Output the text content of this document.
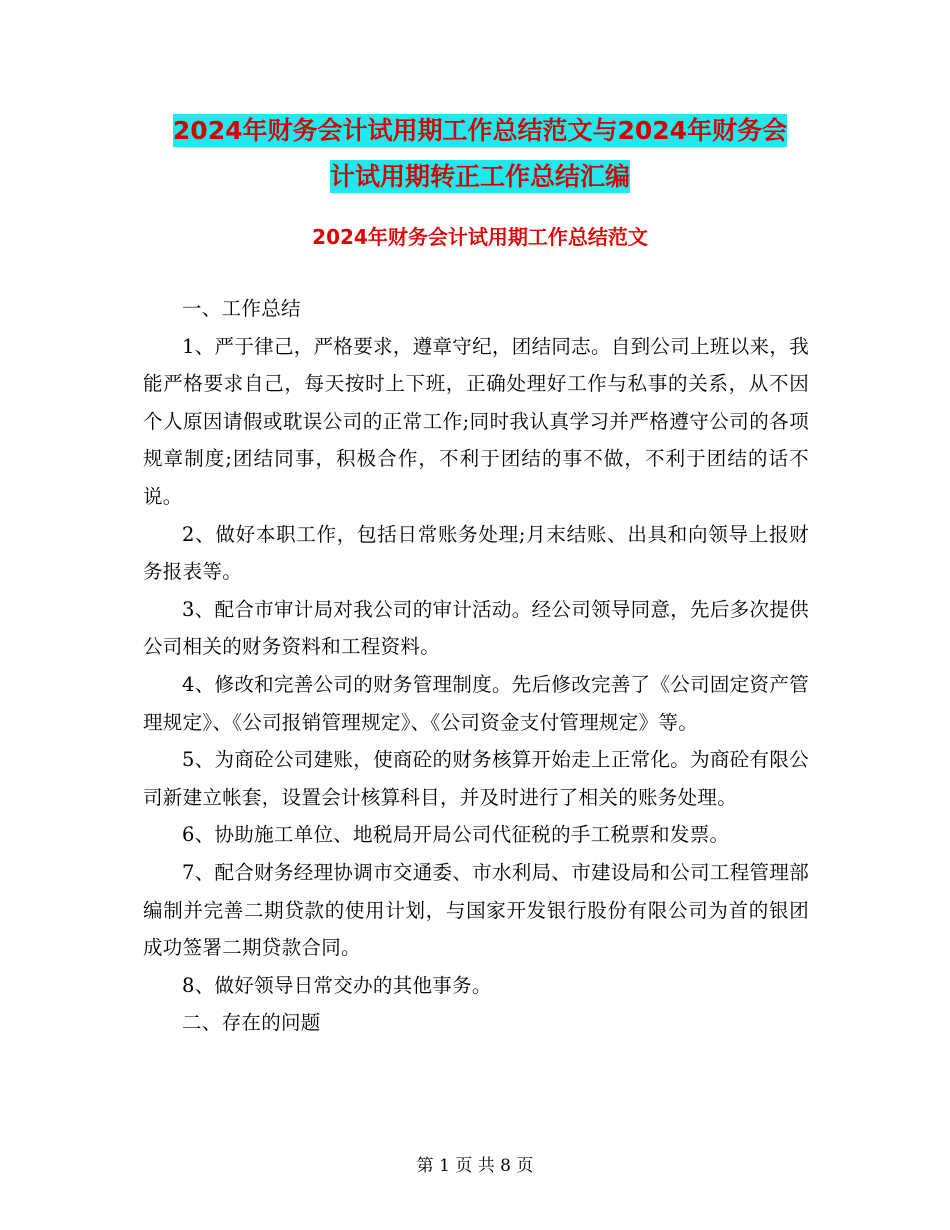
2024年财务会计试用期工作总结范文与2024年财务会
计试用期转正工作总结汇编
2024年财务会计试用期工作总结范文

一、工作总结

1、严于律己，严格要求，遵章守纪，团结同志。自到公司上班以来，我能严格要求自己，每天按时上下班，正确处理好工作与私事的关系，从不因个人原因请假或耽误公司的正常工作;同时我认真学习并严格遵守公司的各项规章制度;团结同事，积极合作，不利于团结的事不做，不利于团结的话不说。

2、做好本职工作，包括日常账务处理;月末结账、出具和向领导上报财务报表等。

3、配合市审计局对我公司的审计活动。经公司领导同意，先后多次提供公司相关的财务资料和工程资料。

4、修改和完善公司的财务管理制度。先后修改完善了《公司固定资产管理规定》、《公司报销管理规定》、《公司资金支付管理规定》等。

5、为商砼公司建账，使商砼的财务核算开始走上正常化。为商砼有限公司新建立帐套，设置会计核算科目，并及时进行了相关的账务处理。

6、协助施工单位、地税局开局公司代征税的手工税票和发票。

7、配合财务经理协调市交通委、市水利局、市建设局和公司工程管理部编制并完善二期贷款的使用计划，与国家开发银行股份有限公司为首的银团成功签署二期贷款合同。

8、做好领导日常交办的其他事务。

二、存在的问题

第 1 页 共 8 页
